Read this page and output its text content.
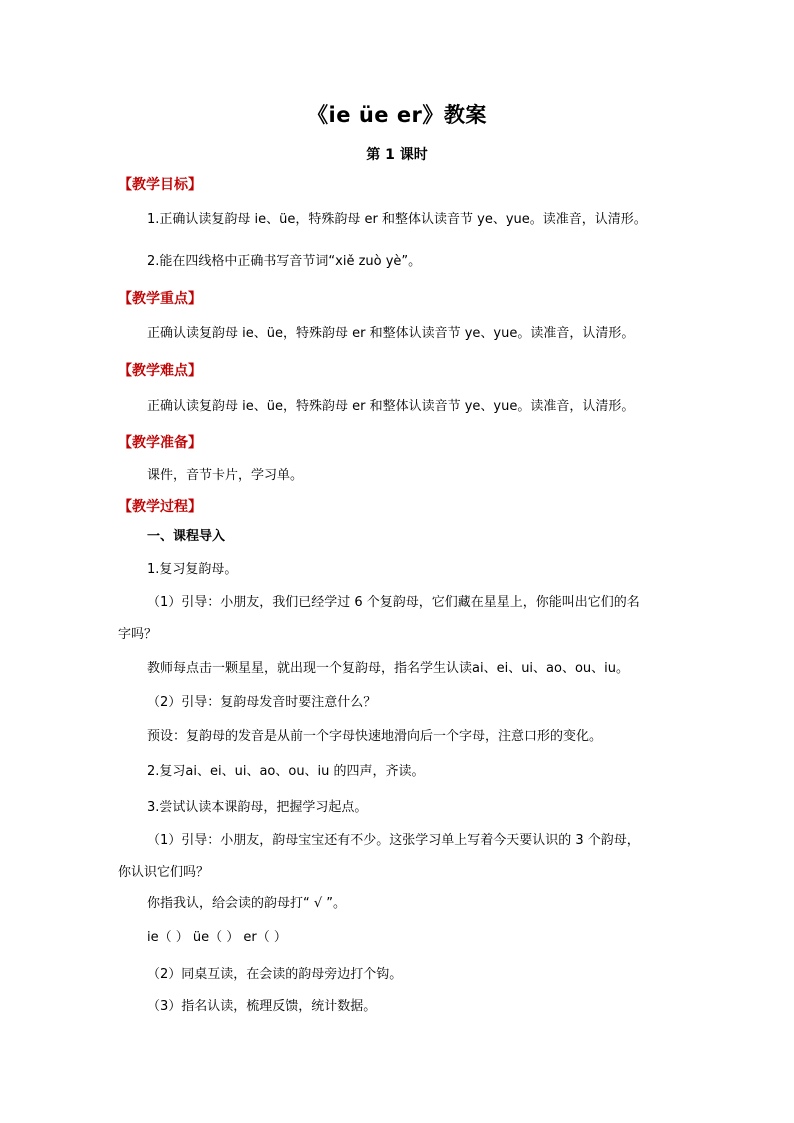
《ie üe er》教案
第 1 课时
【教学目标】
1.正确认读复韵母 ie、üe，特殊韵母 er 和整体认读音节 ye、yue。读准音，认清形。
2.能在四线格中正确书写音节词“xiě zuò yè”。
【教学重点】
正确认读复韵母 ie、üe，特殊韵母 er 和整体认读音节 ye、yue。读准音，认清形。
【教学难点】
正确认读复韵母 ie、üe，特殊韵母 er 和整体认读音节 ye、yue。读准音，认清形。
【教学准备】
课件，音节卡片，学习单。
【教学过程】
一、课程导入
1.复习复韵母。
（1）引导：小朋友，我们已经学过 6 个复韵母，它们藏在星星上，你能叫出它们的名
字吗？
教师每点击一颗星星，就出现一个复韵母，指名学生认读ai、ei、ui、ao、ou、iu。
（2）引导：复韵母发音时要注意什么？
预设：复韵母的发音是从前一个字母快速地滑向后一个字母，注意口形的变化。
2.复习ai、ei、ui、ao、ou、iu 的四声，齐读。
3.尝试认读本课韵母，把握学习起点。
（1）引导：小朋友，韵母宝宝还有不少。这张学习单上写着今天要认识的 3 个韵母，
你认识它们吗？
你指我认，给会读的韵母打“ √ ”。
ie（ ） üe（ ） er（ ）
（2）同桌互读，在会读的韵母旁边打个钩。
（3）指名认读，梳理反馈，统计数据。
